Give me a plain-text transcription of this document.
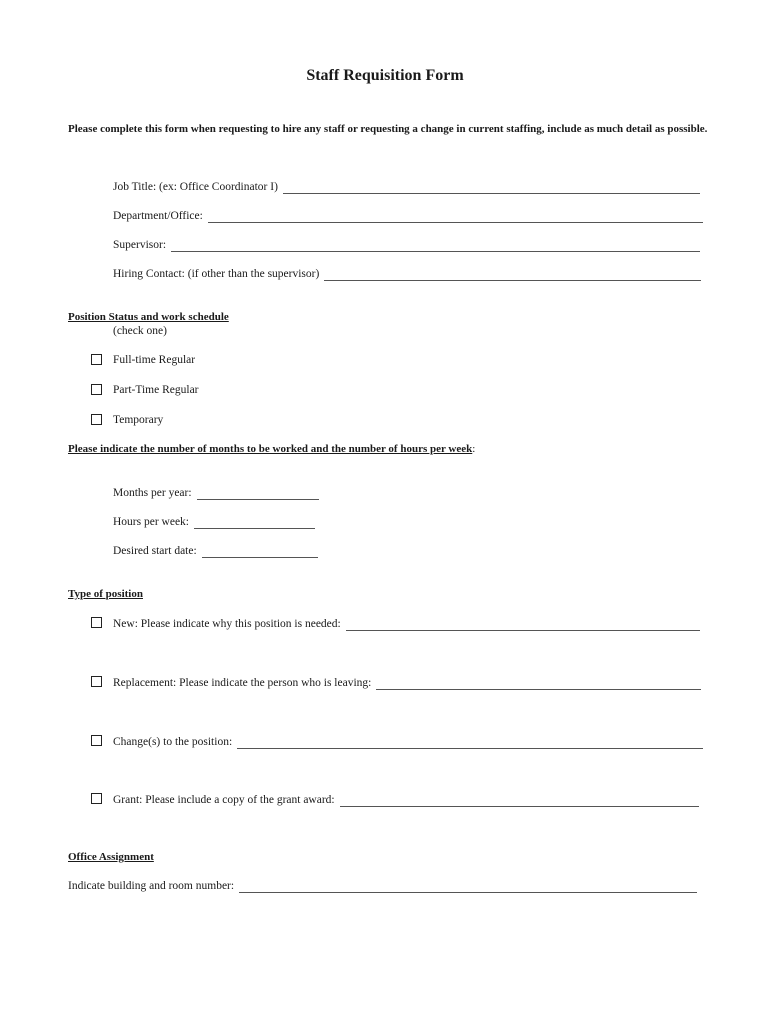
Staff Requisition Form
Please complete this form when requesting to hire any staff or requesting a change in current staffing, include as much detail as possible.
Job Title: (ex: Office Coordinator I)
Department/Office:
Supervisor:
Hiring Contact: (if other than the supervisor)
Position Status and work schedule
(check one)
Full-time Regular
Part-Time Regular
Temporary
Please indicate the number of months to be worked and the number of hours per week:
Months per year:
Hours per week:
Desired start date:
Type of position
New: Please indicate why this position is needed:
Replacement: Please indicate the person who is leaving:
Change(s) to the position:
Grant: Please include a copy of the grant award:
Office Assignment
Indicate building and room number:
